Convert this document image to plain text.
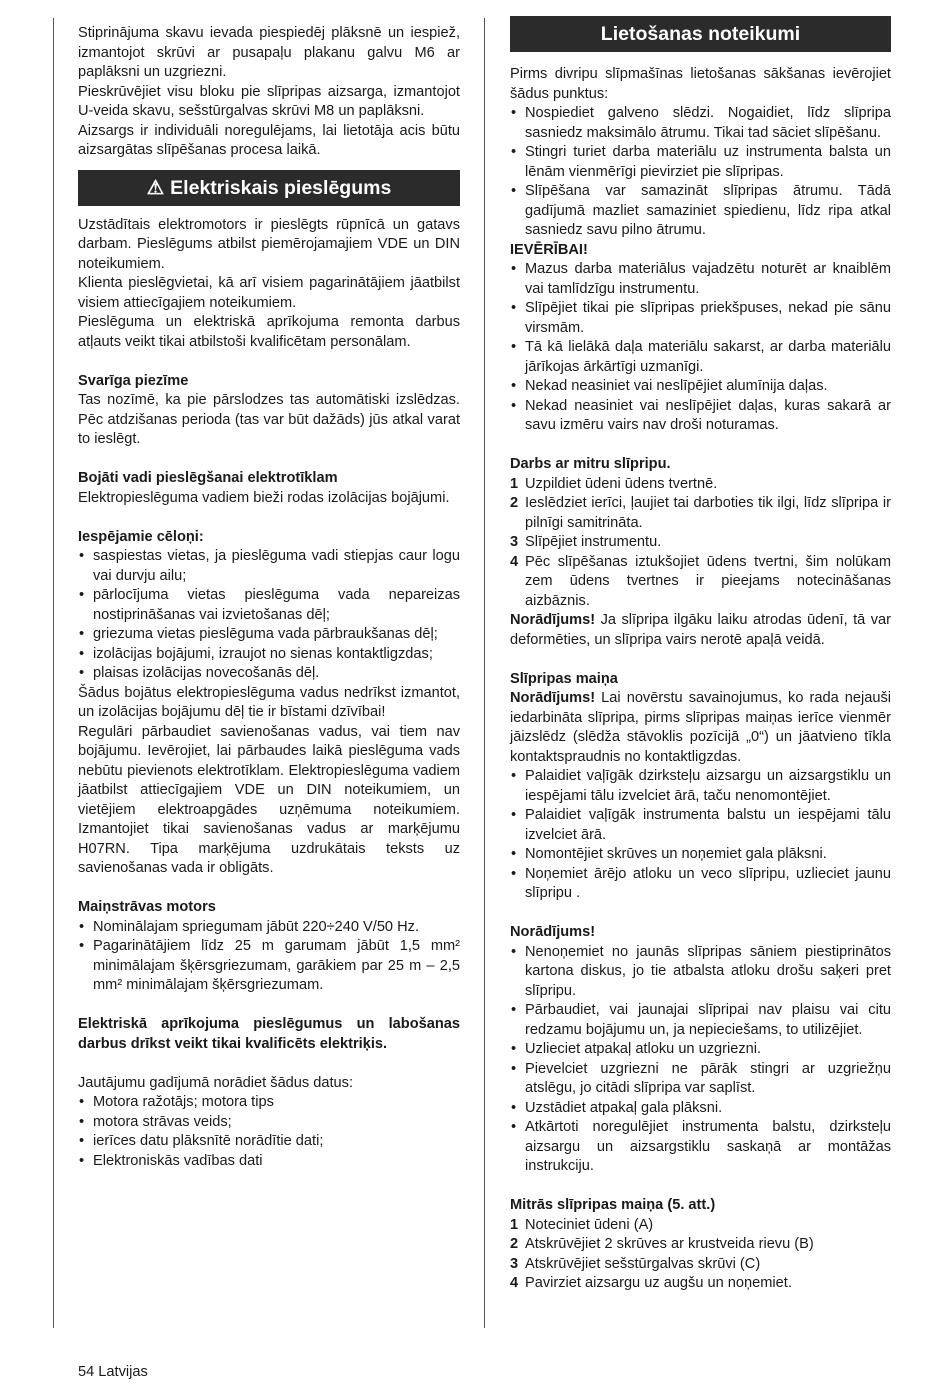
Stiprinājuma skavu ievada piespiedēj plāksnē un iespiež, izmantojot skrūvi ar pusapaļu plakanu galvu M6 ar paplāksni un uzgriezni.

Pieskrūvējiet visu bloku pie slīpripas aizsarga, izmantojot U-veida skavu, sešstūrgalvas skrūvi M8 un paplāksni.

Aizsargs ir individuāli noregulējams, lai lietotāja acis būtu aizsargātas slīpēšanas procesa laikā.

⚠ Elektriskais pieslēgums

Uzstādītais elektromotors ir pieslēgts rūpnīcā un gatavs darbam. Pieslēgums atbilst piemērojamajiem VDE un DIN noteikumiem.

Klienta pieslēgvietai, kā arī visiem pagarinātājiem jāatbilst visiem attiecīgajiem noteikumiem.

Pieslēguma un elektriskā aprīkojuma remonta darbus atļauts veikt tikai atbilstoši kvalificētam personālam.

Svarīga piezīme

Tas nozīmē, ka pie pārslodzes tas automātiski izslēdzas. Pēc atdzišanas perioda (tas var būt dažāds) jūs atkal varat to ieslēgt.

Bojāti vadi pieslēgšanai elektrotīklam

Elektropieslēguma vadiem bieži rodas izolācijas bojājumi.

Iespējamie cēloņi:
• saspiestas vietas, ja pieslēguma vadi stiepjas caur logu vai durvju ailu;
• pārlocījuma vietas pieslēguma vada nepareizas nostiprināšanas vai izvietošanas dēļ;
• griezuma vietas pieslēguma vada pārbraukšanas dēļ;
• izolācijas bojājumi, izraujot no sienas kontaktligzdas;
• plaisas izolācijas novecošanās dēļ.

Šādus bojātus elektropieslēguma vadus nedrīkst izmantot, un izolācijas bojājumu dēļ tie ir bīstami dzīvībai!

Regulāri pārbaudiet savienošanas vadus, vai tiem nav bojājumu. Ievērojiet, lai pārbaudes laikā pieslēguma vads nebūtu pievienots elektrotīklam. Elektropieslēguma vadiem jāatbilst attiecīgajiem VDE un DIN noteikumiem, un vietējiem elektroapgādes uzņēmuma noteikumiem. Izmantojiet tikai savienošanas vadus ar marķējumu H07RN. Tipa marķējuma uzdrukātais teksts uz savienošanas vada ir obligāts.

Maiņstrāvas motors
• Nominālajam spriegumam jābūt 220÷240 V/50 Hz.
• Pagarinātājiem līdz 25 m garumam jābūt 1,5 mm² minimālajam šķērsgriezumam, garākiem par 25 m – 2,5 mm² minimālajam šķērsgriezumam.
Elektriskā aprīkojuma pieslēgumus un labošanas darbus drīkst veikt tikai kvalificēts elektriķis.

Jautājumu gadījumā norādiet šādus datus:

• Motora ražotājs; motora tips
• motora strāvas veids;
• ierīces datu plāksnītē norādītie dati;
• Elektroniskās vadības dati
Lietošanas noteikumi

Pirms divripu slīpmašīnas lietošanas sākšanas ievērojiet šādus punktus:

• Nospiediet galveno slēdzi. Nogaidiet, līdz slīpripa sasniedz maksimālo ātrumu. Tikai tad sāciet slīpēšanu.
• Stingri turiet darba materiālu uz instrumenta balsta un lēnām vienmērīgi pievirziet pie slīpripas.
• Slīpēšana var samazināt slīpripas ātrumu. Tādā gadījumā mazliet samaziniet spiedienu, līdz ripa atkal sasniedz savu pilno ātrumu.
IEVĒRĪBAI!
• Mazus darba materiālus vajadzētu noturēt ar knaiblēm vai tamlīdzīgu instrumentu.
• Slīpējiet tikai pie slīpripas priekšpuses, nekad pie sānu virsmām.
• Tā kā lielākā daļa materiālu sakarst, ar darba materiālu jārīkojas ārkārtīgi uzmanīgi.
• Nekad neasiniet vai neslīpējiet alumīnija daļas.
• Nekad neasiniet vai neslīpējiet daļas, kuras sakarā ar savu izmēru vairs nav droši noturamas.
Darbs ar mitru slīpripu.
1 Uzpildiet ūdeni ūdens tvertnē.
2 Ieslēdziet ierīci, ļaujiet tai darboties tik ilgi, līdz slīpripa ir pilnīgi samitrināta.
3 Slīpējiet instrumentu.
4 Pēc slīpēšanas iztukšojiet ūdens tvertni, šim nolūkam zem ūdens tvertnes ir pieejams notecināšanas aizbāznis.

Norādījums! Ja slīpripa ilgāku laiku atrodas ūdenī, tā var deformēties, un slīpripa vairs nerotē apaļā veidā.

Slīpripas maiņa

Norādījums! Lai novērstu savainojumus, ko rada nejauši iedarbināta slīpripa, pirms slīpripas maiņas ierīce vienmēr jāizslēdz (slēdža stāvoklis pozīcijā „0“) un jāatvieno tīkla kontaktspraudnis no kontaktligzdas.

• Palaidiet vaļīgāk dzirksteļu aizsargu un aizsargstiklu un iespējami tālu izvelciet ārā, taču nenomontējiet.
• Palaidiet vaļīgāk instrumenta balstu un iespējami tālu izvelciet ārā.
• Nomontējiet skrūves un noņemiet gala plāksni.
• Noņemiet ārējo atloku un veco slīpripu, uzlieciet jaunu slīpripu .
Norādījums!
• Nenoņemiet no jaunās slīpripas sāniem piestiprinātos kartona diskus, jo tie atbalsta atloku drošu saķeri pret slīpripu.
• Pārbaudiet, vai jaunajai slīpripai nav plaisu vai citu redzamu bojājumu un, ja nepieciešams, to utilizējiet.
• Uzlieciet atpakaļ atloku un uzgriezni.
• Pievelciet uzgriezni ne pārāk stingri ar uzgriežņu atslēgu, jo citādi slīpripa var saplīst.
• Uzstādiet atpakaļ gala plāksni.
• Atkārtoti noregulējiet instrumenta balstu, dzirksteļu aizsargu un aizsargstiklu saskaņā ar montāžas instrukciju.
Mitrās slīpripas maiņa (5. att.)
1 Noteciniet ūdeni (A)
2 Atskrūvējiet 2 skrūves ar krustveida rievu (B)
3 Atskrūvējiet sešstūrgalvas skrūvi (C)
4 Pavirziet aizsargu uz augšu un noņemiet.
54 Latvijas
